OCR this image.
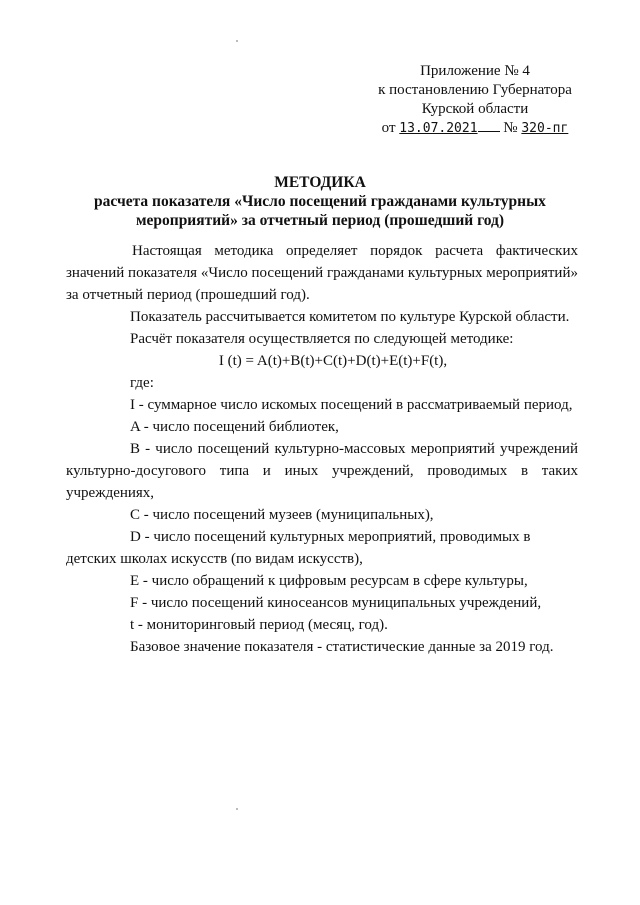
Приложение № 4
к постановлению Губернатора
Курской области
от 13.07.2021 № 320-пг
МЕТОДИКА
расчета показателя «Число посещений гражданами культурных
мероприятий» за отчетный период (прошедший год)
Настоящая методика определяет порядок расчета фактических значений показателя «Число посещений гражданами культурных мероприятий» за отчетный период (прошедший год).
Показатель рассчитывается комитетом по культуре Курской области.
Расчёт показателя осуществляется по следующей методике:
I (t) = A(t)+B(t)+C(t)+D(t)+E(t)+F(t),
где:
I - суммарное число искомых посещений в рассматриваемый период,
A - число посещений библиотек,
B - число посещений культурно-массовых мероприятий учреждений культурно-досугового типа и иных учреждений, проводимых в таких учреждениях,
C - число посещений музеев (муниципальных),
D - число посещений культурных мероприятий, проводимых в
детских школах искусств (по видам искусств),
E - число обращений к цифровым ресурсам в сфере культуры,
F - число посещений киносеансов муниципальных учреждений,
t - мониторинговый период (месяц, год).
Базовое значение показателя - статистические данные за 2019 год.
